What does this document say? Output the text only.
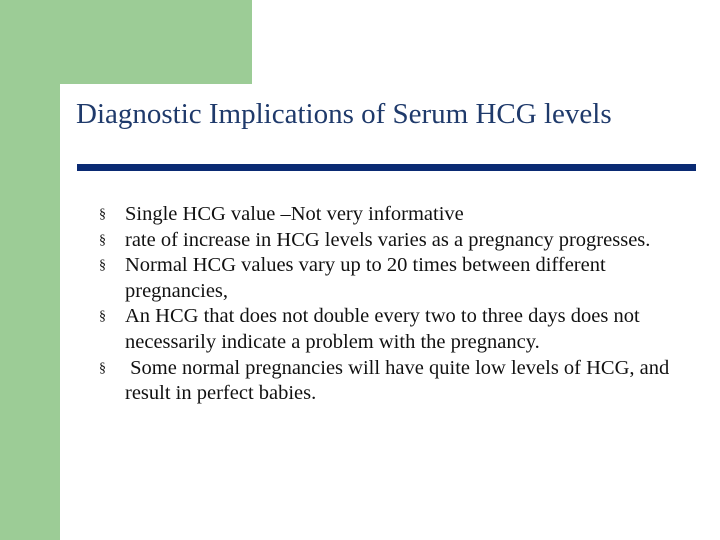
Diagnostic Implications of Serum HCG levels
§ Single HCG value –Not very informative
§ rate of increase in HCG levels varies as a pregnancy progresses.
§ Normal HCG values vary up to 20 times between different pregnancies,
§ An HCG that does not double every two to three days does not necessarily indicate a problem with the pregnancy.
§ Some normal pregnancies will have quite low levels of HCG, and result in perfect babies.
